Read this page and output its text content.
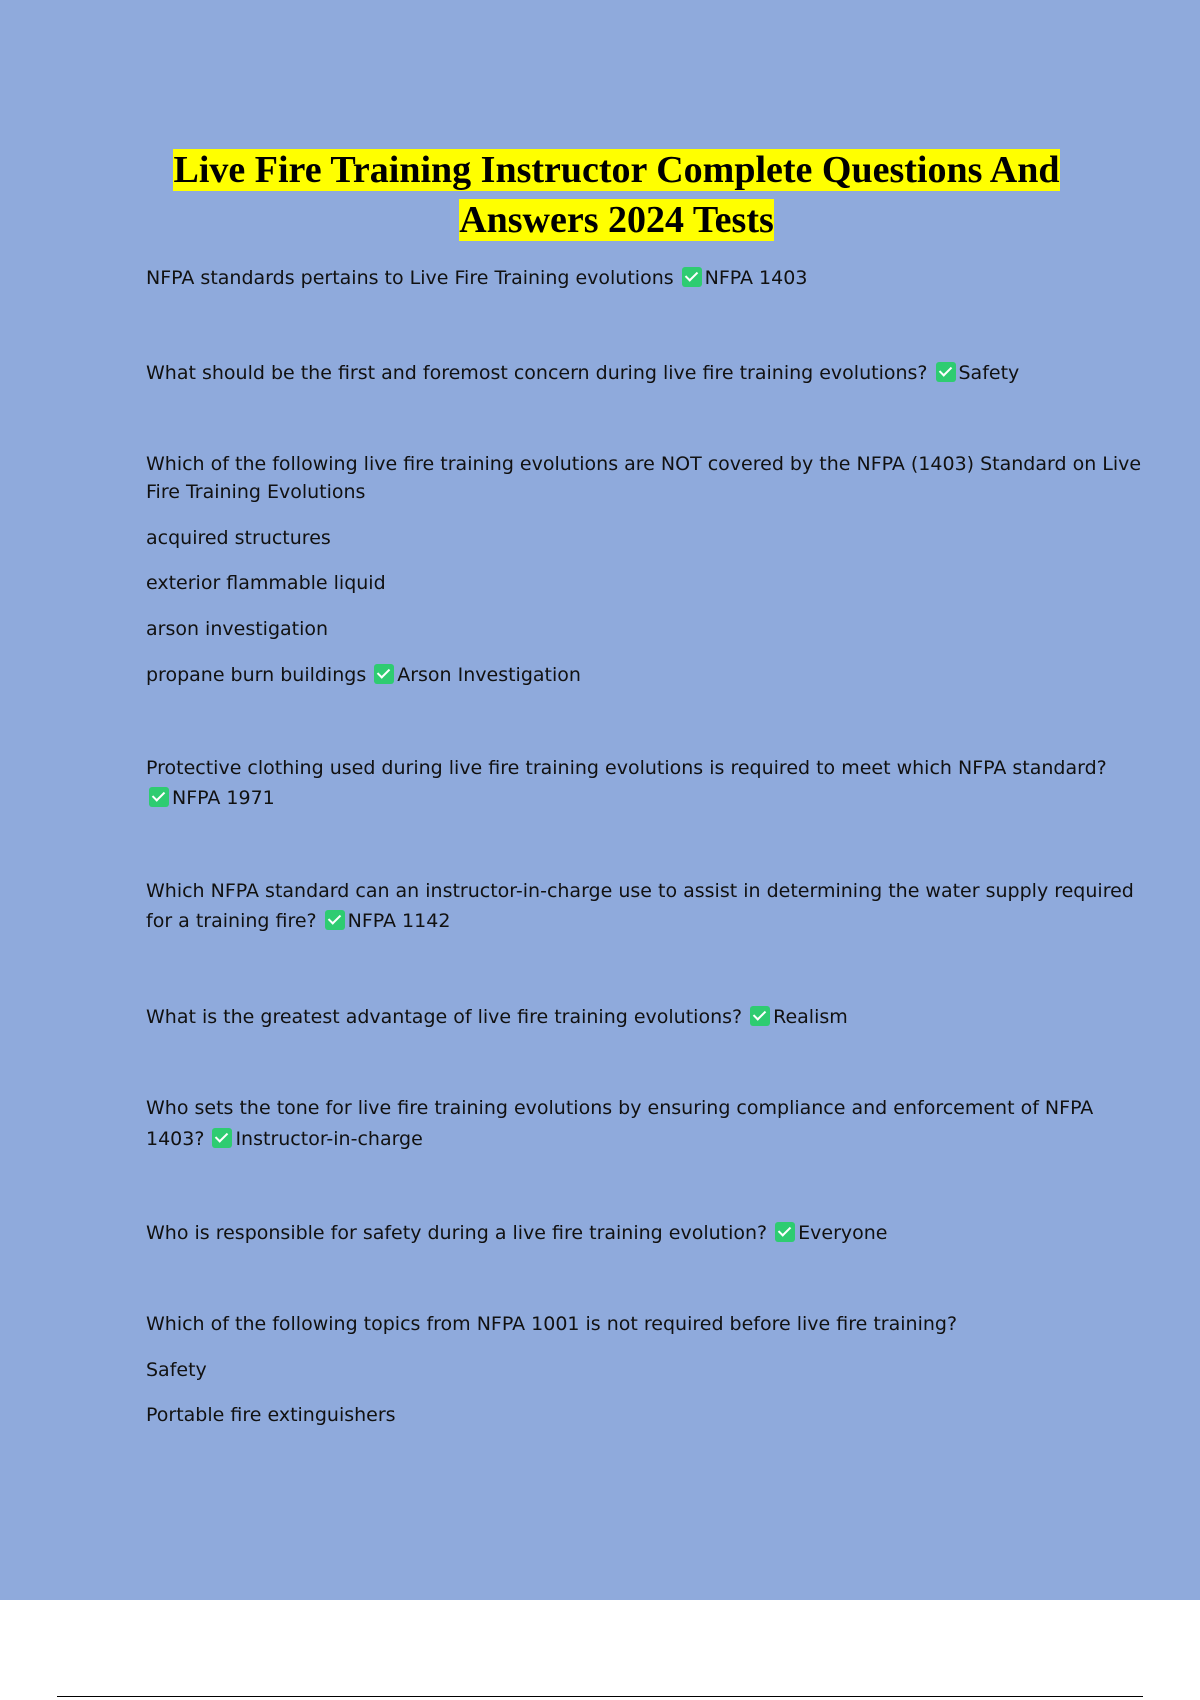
Live Fire Training Instructor Complete Questions And
Answers 2024 Tests
NFPA standards pertains to Live Fire Training evolutions NFPA 1403
What should be the first and foremost concern during live fire training evolutions? Safety
Which of the following live fire training evolutions are NOT covered by the NFPA (1403) Standard on Live
Fire Training Evolutions
acquired structures
exterior flammable liquid
arson investigation
propane burn buildings Arson Investigation
Protective clothing used during live fire training evolutions is required to meet which NFPA standard?
NFPA 1971
Which NFPA standard can an instructor-in-charge use to assist in determining the water supply required
for a training fire? NFPA 1142
What is the greatest advantage of live fire training evolutions? Realism
Who sets the tone for live fire training evolutions by ensuring compliance and enforcement of NFPA
1403? Instructor-in-charge
Who is responsible for safety during a live fire training evolution? Everyone
Which of the following topics from NFPA 1001 is not required before live fire training?
Safety
Portable fire extinguishers
